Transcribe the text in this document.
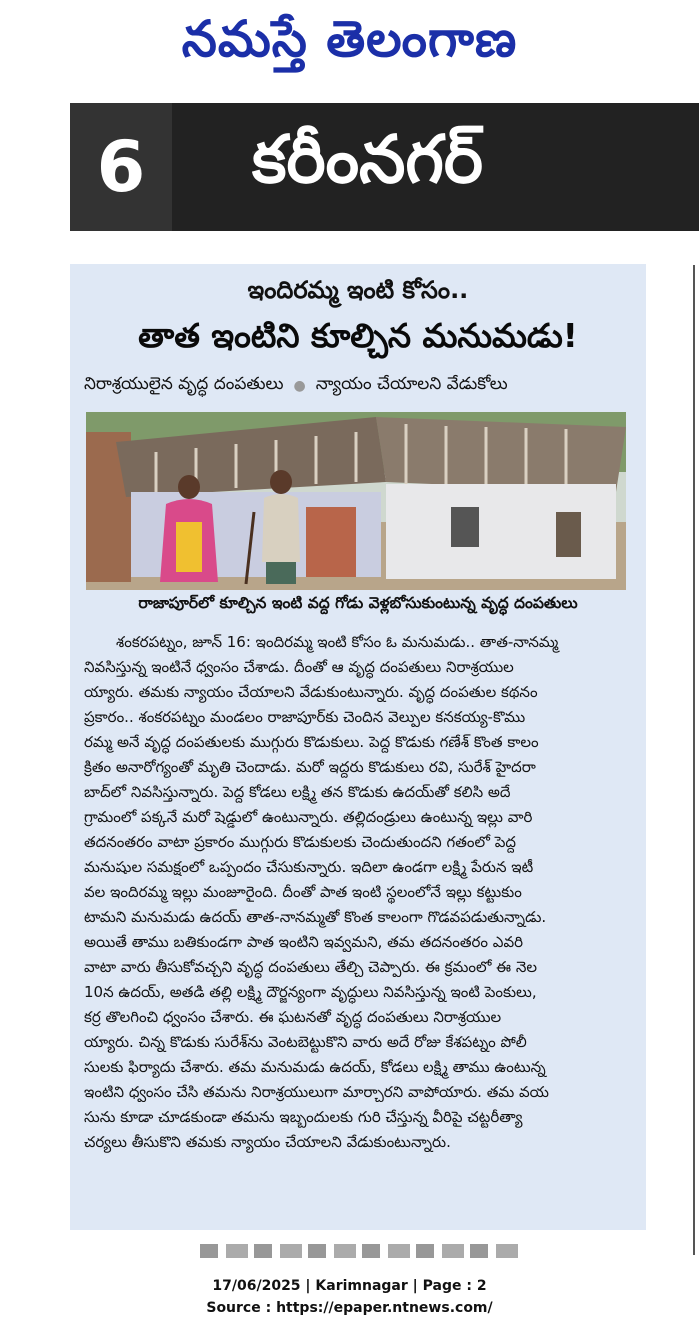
నమస్తే తెలంగాణ
6	కరీంనగర్
ఇందిరమ్మ ఇంటి కోసం..
తాత ఇంటిని కూల్చిన మనుమడు!
నిరాశ్రయులైన వృద్ధ దంపతులు ● న్యాయం చేయాలని వేడుకోలు
రాజాపూర్‌లో కూల్చిన ఇంటి వద్ద గోడు వెళ్లబోసుకుంటున్న వృద్ధ దంపతులు

శంకరపట్నం, జూన్ 16: ఇందిరమ్మ ఇంటి కోసం ఓ మనుమడు.. తాత-నానమ్మ

నివసిస్తున్న ఇంటినే ధ్వంసం చేశాడు. దీంతో ఆ వృద్ధ దంపతులు నిరాశ్రయుల

య్యారు. తమకు న్యాయం చేయాలని వేడుకుంటున్నారు. వృద్ధ దంపతుల కథనం

ప్రకారం.. శంకరపట్నం మండలం రాజాపూర్‌కు చెందిన వెల్పుల కనకయ్య-కొము

రమ్మ అనే వృద్ధ దంపతులకు ముగ్గురు కొడుకులు. పెద్ద కొడుకు గణేశ్ కొంత కాలం

క్రితం అనారోగ్యంతో మృతి చెందాడు. మరో ఇద్దరు కొడుకులు రవి, సురేశ్ హైదరా

బాద్‌లో నివసిస్తున్నారు. పెద్ద కోడలు లక్ష్మి తన కొడుకు ఉదయ్‌తో కలిసి అదే

గ్రామంలో పక్కనే మరో షెడ్డులో ఉంటున్నారు. తల్లిదండ్రులు ఉంటున్న ఇల్లు వారి

తదనంతరం వాటా ప్రకారం ముగ్గురు కొడుకులకు చెందుతుందని గతంలో పెద్ద

మనుషుల సమక్షంలో ఒప్పందం చేసుకున్నారు. ఇదిలా ఉండగా లక్ష్మి పేరున ఇటీ

వల ఇందిరమ్మ ఇల్లు మంజూరైంది. దీంతో పాత ఇంటి స్థలంలోనే ఇల్లు కట్టుకుం

టామని మనుమడు ఉదయ్ తాత-నానమ్మతో కొంత కాలంగా గొడవపడుతున్నాడు.

అయితే తాము బతికుండగా పాత ఇంటిని ఇవ్వమని, తమ తదనంతరం ఎవరి

వాటా వారు తీసుకోవచ్చని వృద్ధ దంపతులు తేల్చి చెప్పారు. ఈ క్రమంలో ఈ నెల

10న ఉదయ్, అతడి తల్లి లక్ష్మి దౌర్జన్యంగా వృద్ధులు నివసిస్తున్న ఇంటి పెంకులు,

కర్ర తొలగించి ధ్వంసం చేశారు. ఈ ఘటనతో వృద్ధ దంపతులు నిరాశ్రయుల

య్యారు. చిన్న కొడుకు సురేశ్‌ను వెంటబెట్టుకొని వారు అదే రోజు కేశపట్నం పోలీ

సులకు ఫిర్యాదు చేశారు. తమ మనుమడు ఉదయ్, కోడలు లక్ష్మి తాము ఉంటున్న

ఇంటిని ధ్వంసం చేసి తమను నిరాశ్రయులుగా మార్చారని వాపోయారు. తమ వయ

సును కూడా చూడకుండా తమను ఇబ్బందులకు గురి చేస్తున్న వీరిపై చట్టరీత్యా

చర్యలు తీసుకొని తమకు న్యాయం చేయాలని వేడుకుంటున్నారు.

17/06/2025 | Karimnagar | Page : 2
Source : https://epaper.ntnews.com/
